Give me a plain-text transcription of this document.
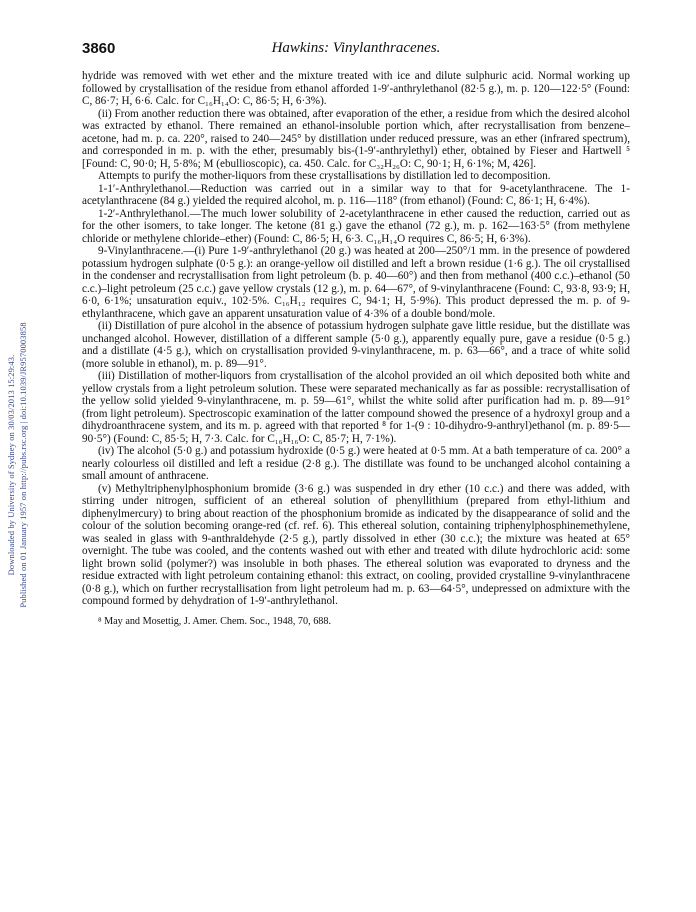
Downloaded by University of Sydney on 30/03/2013 15:29:43. Published on 01 January 1957 on http://pubs.rsc.org | doi:10.1039/JR9570003858
3860	Hawkins: Vinylanthracenes.

hydride was removed with wet ether and the mixture treated with ice and dilute sulphuric acid. Normal working up followed by crystallisation of the residue from ethanol afforded 1-9′-anthrylethanol (82·5 g.), m. p. 120—122·5° (Found: C, 86·7; H, 6·6. Calc. for C₁₆H₁₄O: C, 86·5; H, 6·3%).

(ii) From another reduction there was obtained, after evaporation of the ether, a residue from which the desired alcohol was extracted by ethanol. There remained an ethanol-insoluble portion which, after recrystallisation from benzene–acetone, had m. p. ca. 220°, raised to 240—245° by distillation under reduced pressure, was an ether (infrared spectrum), and corresponded in m. p. with the ether, presumably bis-(1-9′-anthrylethyl) ether, obtained by Fieser and Hartwell ⁵ [Found: C, 90·0; H, 5·8%; M (ebullioscopic), ca. 450. Calc. for C₃₂H₂₆O: C, 90·1; H, 6·1%; M, 426].

Attempts to purify the mother-liquors from these crystallisations by distillation led to decomposition.

1-1′-Anthrylethanol.—Reduction was carried out in a similar way to that for 9-acetylanthracene. The 1-acetylanthracene (84 g.) yielded the required alcohol, m. p. 116—118° (from ethanol) (Found: C, 86·1; H, 6·4%).

1-2′-Anthrylethanol.—The much lower solubility of 2-acetylanthracene in ether caused the reduction, carried out as for the other isomers, to take longer. The ketone (81 g.) gave the ethanol (72 g.), m. p. 162—163·5° (from methylene chloride or methylene chloride–ether) (Found: C, 86·5; H, 6·3. C₁₆H₁₄O requires C, 86·5; H, 6·3%).

9-Vinylanthracene.—(i) Pure 1-9′-anthrylethanol (20 g.) was heated at 200—250°/1 mm. in the presence of powdered potassium hydrogen sulphate (0·5 g.): an orange-yellow oil distilled and left a brown residue (1·6 g.). The oil crystallised in the condenser and recrystallisation from light petroleum (b. p. 40—60°) and then from methanol (400 c.c.)–ethanol (50 c.c.)–light petroleum (25 c.c.) gave yellow crystals (12 g.), m. p. 64—67°, of 9-vinylanthracene (Found: C, 93·8, 93·9; H, 6·0, 6·1%; unsaturation equiv., 102·5%. C₁₆H₁₂ requires C, 94·1; H, 5·9%). This product depressed the m. p. of 9-ethylanthracene, which gave an apparent unsaturation value of 4·3% of a double bond/mole.

(ii) Distillation of pure alcohol in the absence of potassium hydrogen sulphate gave little residue, but the distillate was unchanged alcohol. However, distillation of a different sample (5·0 g.), apparently equally pure, gave a residue (0·5 g.) and a distillate (4·5 g.), which on crystallisation provided 9-vinylanthracene, m. p. 63—66°, and a trace of white solid (more soluble in ethanol), m. p. 89—91°.

(iii) Distillation of mother-liquors from crystallisation of the alcohol provided an oil which deposited both white and yellow crystals from a light petroleum solution. These were separated mechanically as far as possible: recrystallisation of the yellow solid yielded 9-vinylanthracene, m. p. 59—61°, whilst the white solid after purification had m. p. 89—91° (from light petroleum). Spectroscopic examination of the latter compound showed the presence of a hydroxyl group and a dihydroanthracene system, and its m. p. agreed with that reported ⁸ for 1-(9 : 10-dihydro-9-anthryl)ethanol (m. p. 89·5—90·5°) (Found: C, 85·5; H, 7·3. Calc. for C₁₆H₁₆O: C, 85·7; H, 7·1%).

(iv) The alcohol (5·0 g.) and potassium hydroxide (0·5 g.) were heated at 0·5 mm. At a bath temperature of ca. 200° a nearly colourless oil distilled and left a residue (2·8 g.). The distillate was found to be unchanged alcohol containing a small amount of anthracene.

(v) Methyltriphenylphosphonium bromide (3·6 g.) was suspended in dry ether (10 c.c.) and there was added, with stirring under nitrogen, sufficient of an ethereal solution of phenyllithium (prepared from ethyl-lithium and diphenylmercury) to bring about reaction of the phosphonium bromide as indicated by the disappearance of solid and the colour of the solution becoming orange-red (cf. ref. 6). This ethereal solution, containing triphenylphosphinemethylene, was sealed in glass with 9-anthraldehyde (2·5 g.), partly dissolved in ether (30 c.c.); the mixture was heated at 65° overnight. The tube was cooled, and the contents washed out with ether and treated with dilute hydrochloric acid: some light brown solid (polymer?) was insoluble in both phases. The ethereal solution was evaporated to dryness and the residue extracted with light petroleum containing ethanol: this extract, on cooling, provided crystalline 9-vinylanthracene (0·8 g.), which on further recrystallisation from light petroleum had m. p. 63—64·5°, undepressed on admixture with the compound formed by dehydration of 1-9′-anthrylethanol.

⁸ May and Mosettig, J. Amer. Chem. Soc., 1948, 70, 688.
